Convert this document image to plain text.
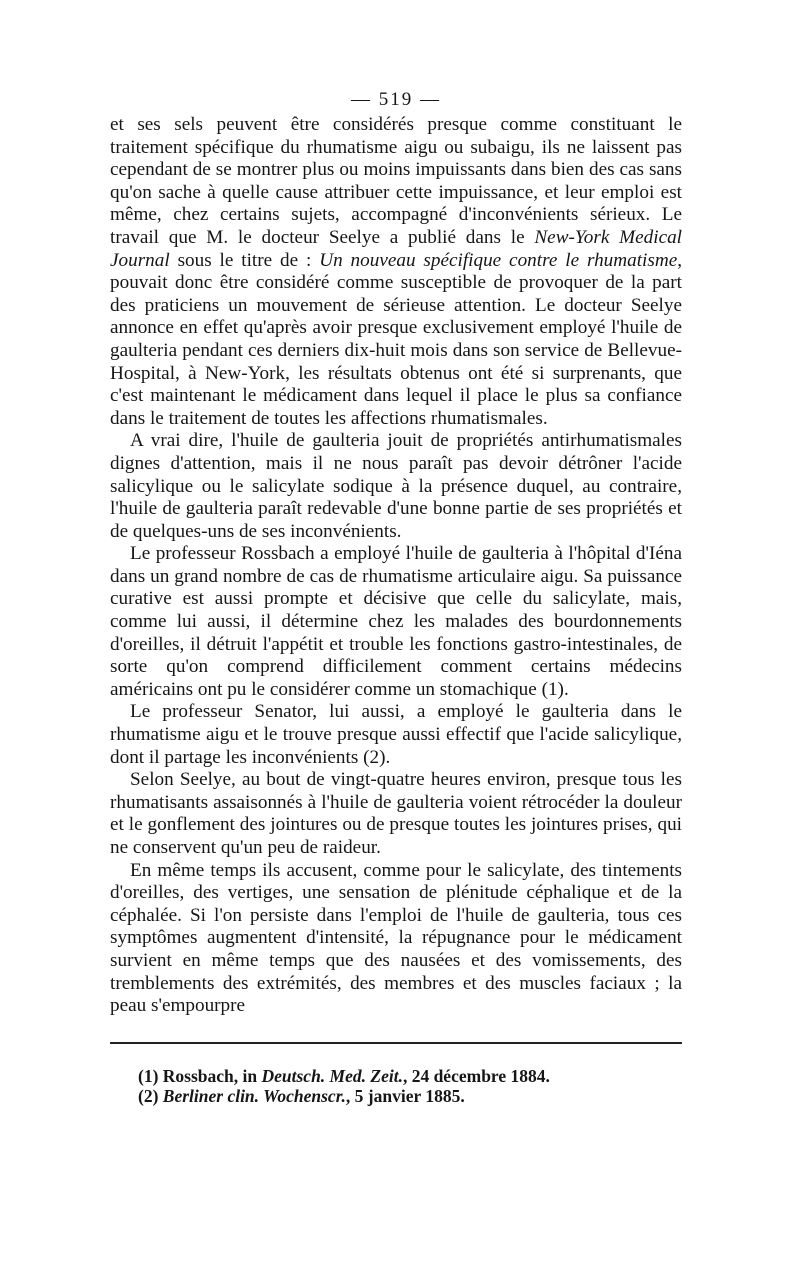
— 519 —

et ses sels peuvent être considérés presque comme constituant le traitement spécifique du rhumatisme aigu ou subaigu, ils ne laissent pas cependant de se montrer plus ou moins impuissants dans bien des cas sans qu'on sache à quelle cause attribuer cette impuissance, et leur emploi est même, chez certains sujets, accompagné d'inconvénients sérieux. Le travail que M. le docteur Seelye a publié dans le New-York Medical Journal sous le titre de : Un nouveau spécifique contre le rhumatisme, pouvait donc être considéré comme susceptible de provoquer de la part des praticiens un mouvement de sérieuse attention. Le docteur Seelye annonce en effet qu'après avoir presque exclusivement employé l'huile de gaulteria pendant ces derniers dix-huit mois dans son service de Bellevue-Hospital, à New-York, les résultats obtenus ont été si surprenants, que c'est maintenant le médicament dans lequel il place le plus sa confiance dans le traitement de toutes les affections rhumatismales.

A vrai dire, l'huile de gaulteria jouit de propriétés antirhumatismales dignes d'attention, mais il ne nous paraît pas devoir détrôner l'acide salicylique ou le salicylate sodique à la présence duquel, au contraire, l'huile de gaulteria paraît redevable d'une bonne partie de ses propriétés et de quelques-uns de ses inconvénients.

Le professeur Rossbach a employé l'huile de gaulteria à l'hôpital d'Iéna dans un grand nombre de cas de rhumatisme articulaire aigu. Sa puissance curative est aussi prompte et décisive que celle du salicylate, mais, comme lui aussi, il détermine chez les malades des bourdonnements d'oreilles, il détruit l'appétit et trouble les fonctions gastro-intestinales, de sorte qu'on comprend difficilement comment certains médecins américains ont pu le considérer comme un stomachique (1).

Le professeur Senator, lui aussi, a employé le gaulteria dans le rhumatisme aigu et le trouve presque aussi effectif que l'acide salicylique, dont il partage les inconvénients (2).

Selon Seelye, au bout de vingt-quatre heures environ, presque tous les rhumatisants assaisonnés à l'huile de gaulteria voient rétrocéder la douleur et le gonflement des jointures ou de presque toutes les jointures prises, qui ne conservent qu'un peu de raideur.

En même temps ils accusent, comme pour le salicylate, des tintements d'oreilles, des vertiges, une sensation de plénitude céphalique et de la céphalée. Si l'on persiste dans l'emploi de l'huile de gaulteria, tous ces symptômes augmentent d'intensité, la répugnance pour le médicament survient en même temps que des nausées et des vomissements, des tremblements des extrémités, des membres et des muscles faciaux ; la peau s'empourpre

(1) Rossbach, in Deutsch. Med. Zeit., 24 décembre 1884.
(2) Berliner clin. Wochenscr., 5 janvier 1885.
